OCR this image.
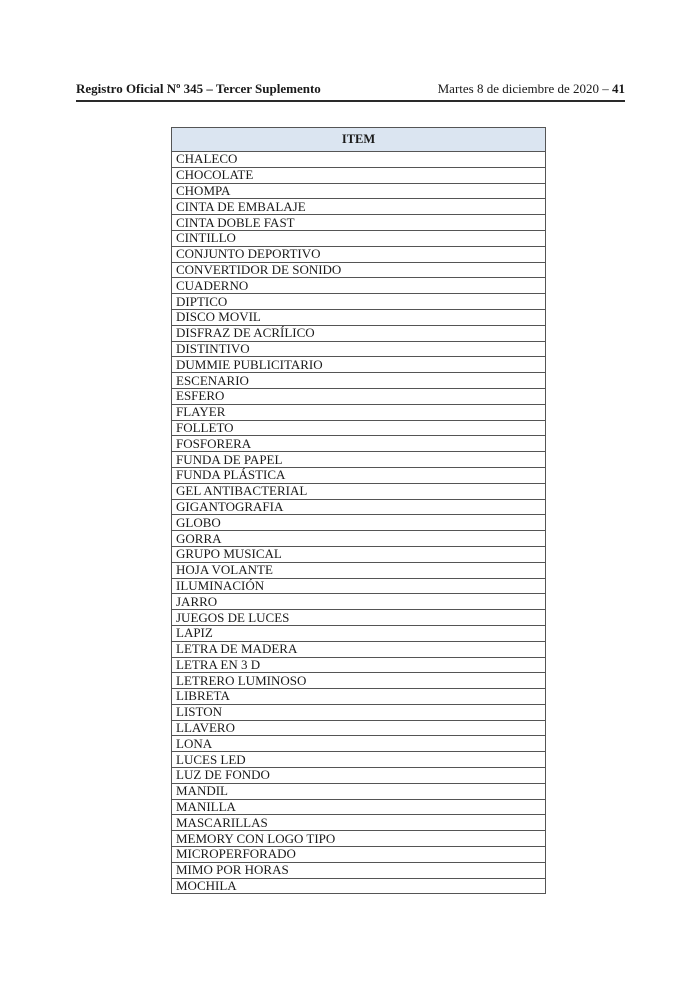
Registro Oficial Nº 345 – Tercer Suplemento	Martes 8 de diciembre de 2020 – 41
ITEM
CHALECO
CHOCOLATE
CHOMPA
CINTA DE EMBALAJE
CINTA DOBLE FAST
CINTILLO
CONJUNTO DEPORTIVO
CONVERTIDOR DE SONIDO
CUADERNO
DIPTICO
DISCO MOVIL
DISFRAZ DE ACRÍLICO
DISTINTIVO
DUMMIE PUBLICITARIO
ESCENARIO
ESFERO
FLAYER
FOLLETO
FOSFORERA
FUNDA DE PAPEL
FUNDA PLÁSTICA
GEL ANTIBACTERIAL
GIGANTOGRAFIA
GLOBO
GORRA
GRUPO MUSICAL
HOJA VOLANTE
ILUMINACIÓN
JARRO
JUEGOS DE LUCES
LAPIZ
LETRA DE MADERA
LETRA EN 3 D
LETRERO LUMINOSO
LIBRETA
LISTON
LLAVERO
LONA
LUCES LED
LUZ DE FONDO
MANDIL
MANILLA
MASCARILLAS
MEMORY CON LOGO TIPO
MICROPERFORADO
MIMO POR HORAS
MOCHILA
